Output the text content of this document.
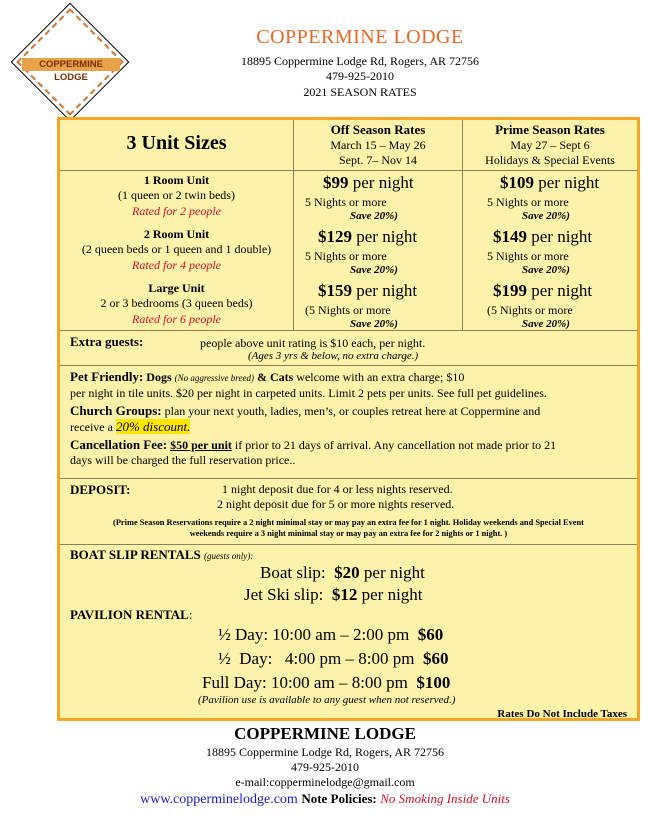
COPPERMINE LODGE
COPPERMINE LODGE
18895 Coppermine Lodge Rd, Rogers, AR 72756
479-925-2010
2021 SEASON RATES
3 Unit Sizes
Off Season Rates
March 15 – May 26
Sept. 7– Nov 14
Prime Season Rates
May 27 – Sept 6
Holidays & Special Events
1 Room Unit
(1 queen or 2 twin beds)
Rated for 2 people
$99 per night
5 Nights or more
Save 20%)
$109 per night
5 Nights or more
Save 20%)
2 Room Unit
(2 queen beds or 1 queen and 1 double)
Rated for 4 people
$129 per night
5 Nights or more
Save 20%)
$149 per night
5 Nights or more
Save 20%)
Large Unit
2 or 3 bedrooms (3 queen beds)
Rated for 6 people
$159 per night
(5 Nights or more
Save 20%)
$199 per night
(5 Nights or more
Save 20%)
Extra guests:	people above unit rating is $10 each, per night.
(Ages 3 yrs & below, no extra charge.)
Pet Friendly: Dogs (No aggressive breed) & Cats welcome with an extra charge; $10
per night in tile units. $20 per night in carpeted units. Limit 2 pets per units. See full pet guidelines.
Church Groups: plan your next youth, ladies, men’s, or couples retreat here at Coppermine and
receive a 20% discount.
Cancellation Fee: $50 per unit if prior to 21 days of arrival. Any cancellation not made prior to 21
days will be charged the full reservation price..
DEPOSIT:	1 night deposit due for 4 or less nights reserved.
2 night deposit due for 5 or more nights reserved.
(Prime Season Reservations require a 2 night minimal stay or may pay an extra fee for 1 night. Holiday weekends and Special Event
weekends require a 3 night minimal stay or may pay an extra fee for 2 nights or 1 night. )
BOAT SLIP RENTALS (guests only):
Boat slip: $20 per night
Jet Ski slip: $12 per night
PAVILION RENTAL:
½ Day: 10:00 am – 2:00 pm $60
½  Day:   4:00 pm – 8:00 pm $60
Full Day: 10:00 am – 8:00 pm $100
(Pavilion use is available to any guest when not reserved.)
Rates Do Not Include Taxes
COPPERMINE LODGE
18895 Coppermine Lodge Rd, Rogers, AR 72756
479-925-2010
e-mail:copperminelodge@gmail.com
www.copperminelodge.com Note Policies: No Smoking Inside Units
